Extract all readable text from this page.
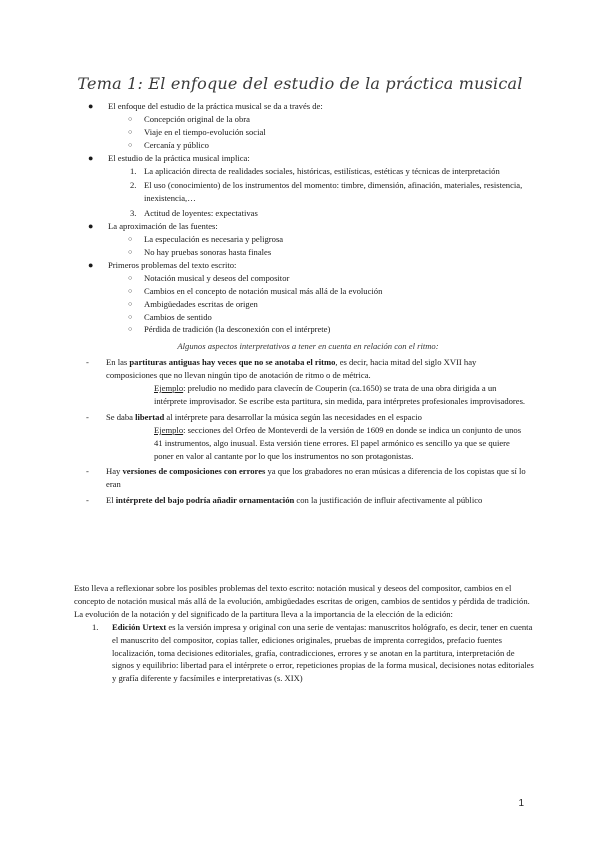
Tema 1: El enfoque del estudio de la práctica musical
● El enfoque del estudio de la práctica musical se da a través de:
○ Concepción original de la obra
○ Viaje en el tiempo-evolución social
○ Cercanía y público
● El estudio de la práctica musical implica:
1. La aplicación directa de realidades sociales, históricas, estilísticas, estéticas y técnicas de interpretación
2. El uso (conocimiento) de los instrumentos del momento: timbre, dimensión, afinación, materiales, resistencia, inexistencia,…
3. Actitud de loyentes: expectativas
● La aproximación de las fuentes:
○ La especulación es necesaria y peligrosa
○ No hay pruebas sonoras hasta finales
● Primeros problemas del texto escrito:
○ Notación musical y deseos del compositor
○ Cambios en el concepto de notación musical más allá de la evolución
○ Ambigüedades escritas de origen
○ Cambios de sentido
○ Pérdida de tradición (la desconexión con el intérprete)
Algunos aspectos interpretativos a tener en cuenta en relación con el ritmo:
- En las partituras antiguas hay veces que no se anotaba el ritmo, es decir, hacia mitad del siglo XVII hay composiciones que no llevan ningún tipo de anotación de ritmo o de métrica.
Ejemplo: preludio no medido para clavecín de Couperin (ca.1650) se trata de una obra dirigida a un intérprete improvisador. Se escribe esta partitura, sin medida, para intérpretes profesionales improvisadores.
- Se daba libertad al intérprete para desarrollar la música según las necesidades en el espacio
Ejemplo: secciones del Orfeo de Monteverdi de la versión de 1609 en donde se indica un conjunto de unos 41 instrumentos, algo inusual. Esta versión tiene errores. El papel armónico es sencillo ya que se quiere poner en valor al cantante por lo que los instrumentos no son protagonistas.
- Hay versiones de composiciones con errores ya que los grabadores no eran músicas a diferencia de los copistas que sí lo eran
- El intérprete del bajo podría añadir ornamentación con la justificación de influir afectivamente al público

Esto lleva a reflexionar sobre los posibles problemas del texto escrito: notación musical y deseos del compositor, cambios en el concepto de notación musical más allá de la evolución, ambigüedades escritas de origen, cambios de sentidos y pérdida de tradición.

La evolución de la notación y del significado de la partitura lleva a la importancia de la elección de la edición:

1. Edición Urtext es la versión impresa y original con una serie de ventajas: manuscritos hológrafo, es decir, tener en cuenta el manuscrito del compositor, copias taller, ediciones originales, pruebas de imprenta corregidos, prefacio fuentes localización, toma decisiones editoriales, grafía, contradicciones, errores y se anotan en la partitura, interpretación de signos y equilibrio: libertad para el intérprete o error, repeticiones propias de la forma musical, decisiones notas editoriales y grafía diferente y facsímiles e interpretativas (s. XIX)
1
